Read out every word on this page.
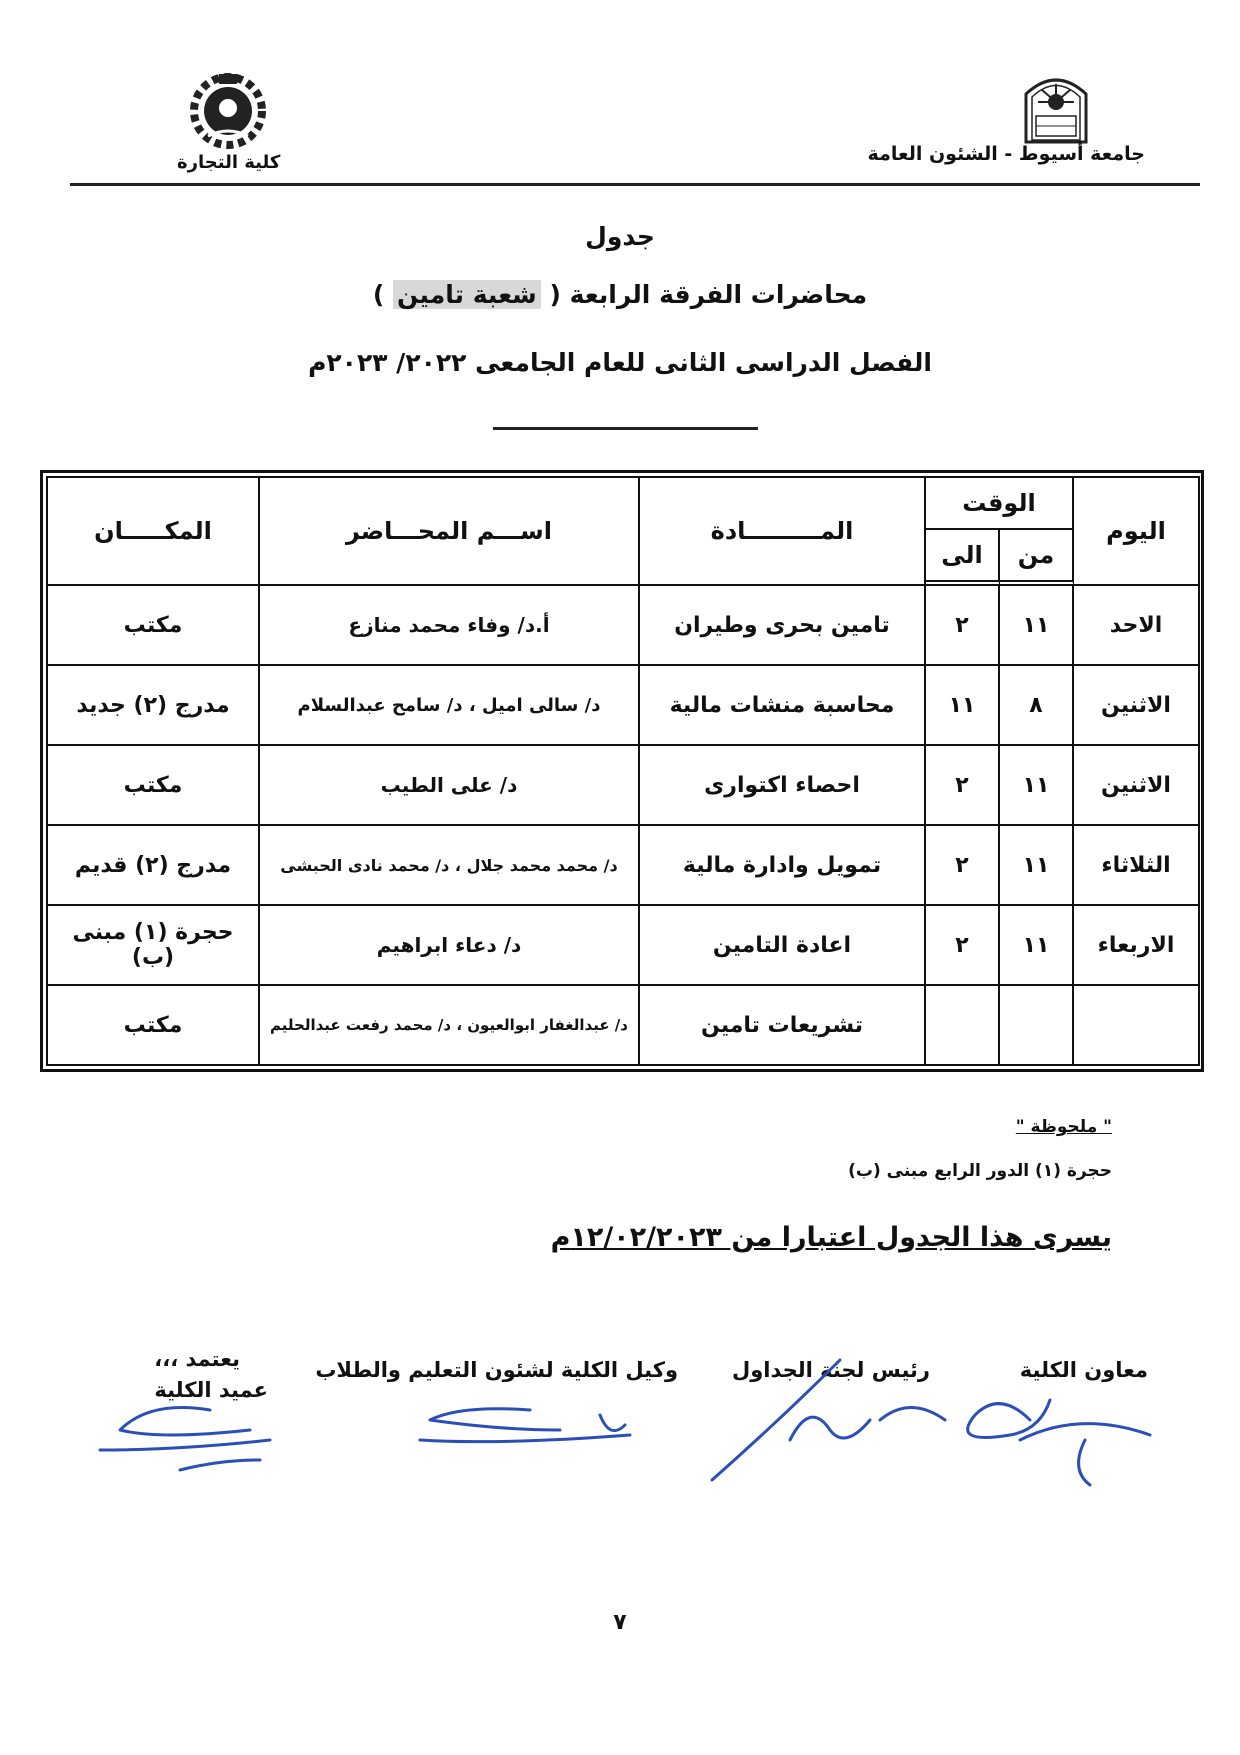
جامعة أسيوط - الشئون العامة
كلية التجارة
جدول
محاضرات الفرقة الرابعة ( شعبة تامين )
الفصل الدراسى الثانى للعام الجامعى ٢٠٢٢/ ٢٠٢٣م
اليوم	الوقت		المـــــــــادة	اســـم المحـــاضر	المكـــــان
	من	الى			
الاحد	١١	٢	تامين بحرى وطيران	أ.د/ وفاء محمد منازع	مكتب
الاثنين	٨	١١	محاسبة منشات مالية	د/ سالى اميل ، د/ سامح عبدالسلام	مدرج (٢) جديد
الاثنين	١١	٢	احصاء اكتوارى	د/ على الطيب	مكتب
الثلاثاء	١١	٢	تمويل وادارة مالية	د/ محمد محمد جلال ، د/ محمد نادى الحبشى	مدرج (٢) قديم
الاربعاء	١١	٢	اعادة التامين	د/ دعاء ابراهيم	حجرة (١) مبنى (ب)
			تشريعات تامين	د/ عبدالغفار ابوالعيون ، د/ محمد رفعت عبدالحليم	مكتب
" ملحوظة "
حجرة (١) الدور الرابع مبنى (ب)
يسرى هذا الجدول اعتبارا من ١٢/٠٢/٢٠٢٣م
معاون الكلية
رئيس لجنة الجداول
وكيل الكلية لشئون التعليم والطلاب
يعتمد ،،،
عميد الكلية
٧
